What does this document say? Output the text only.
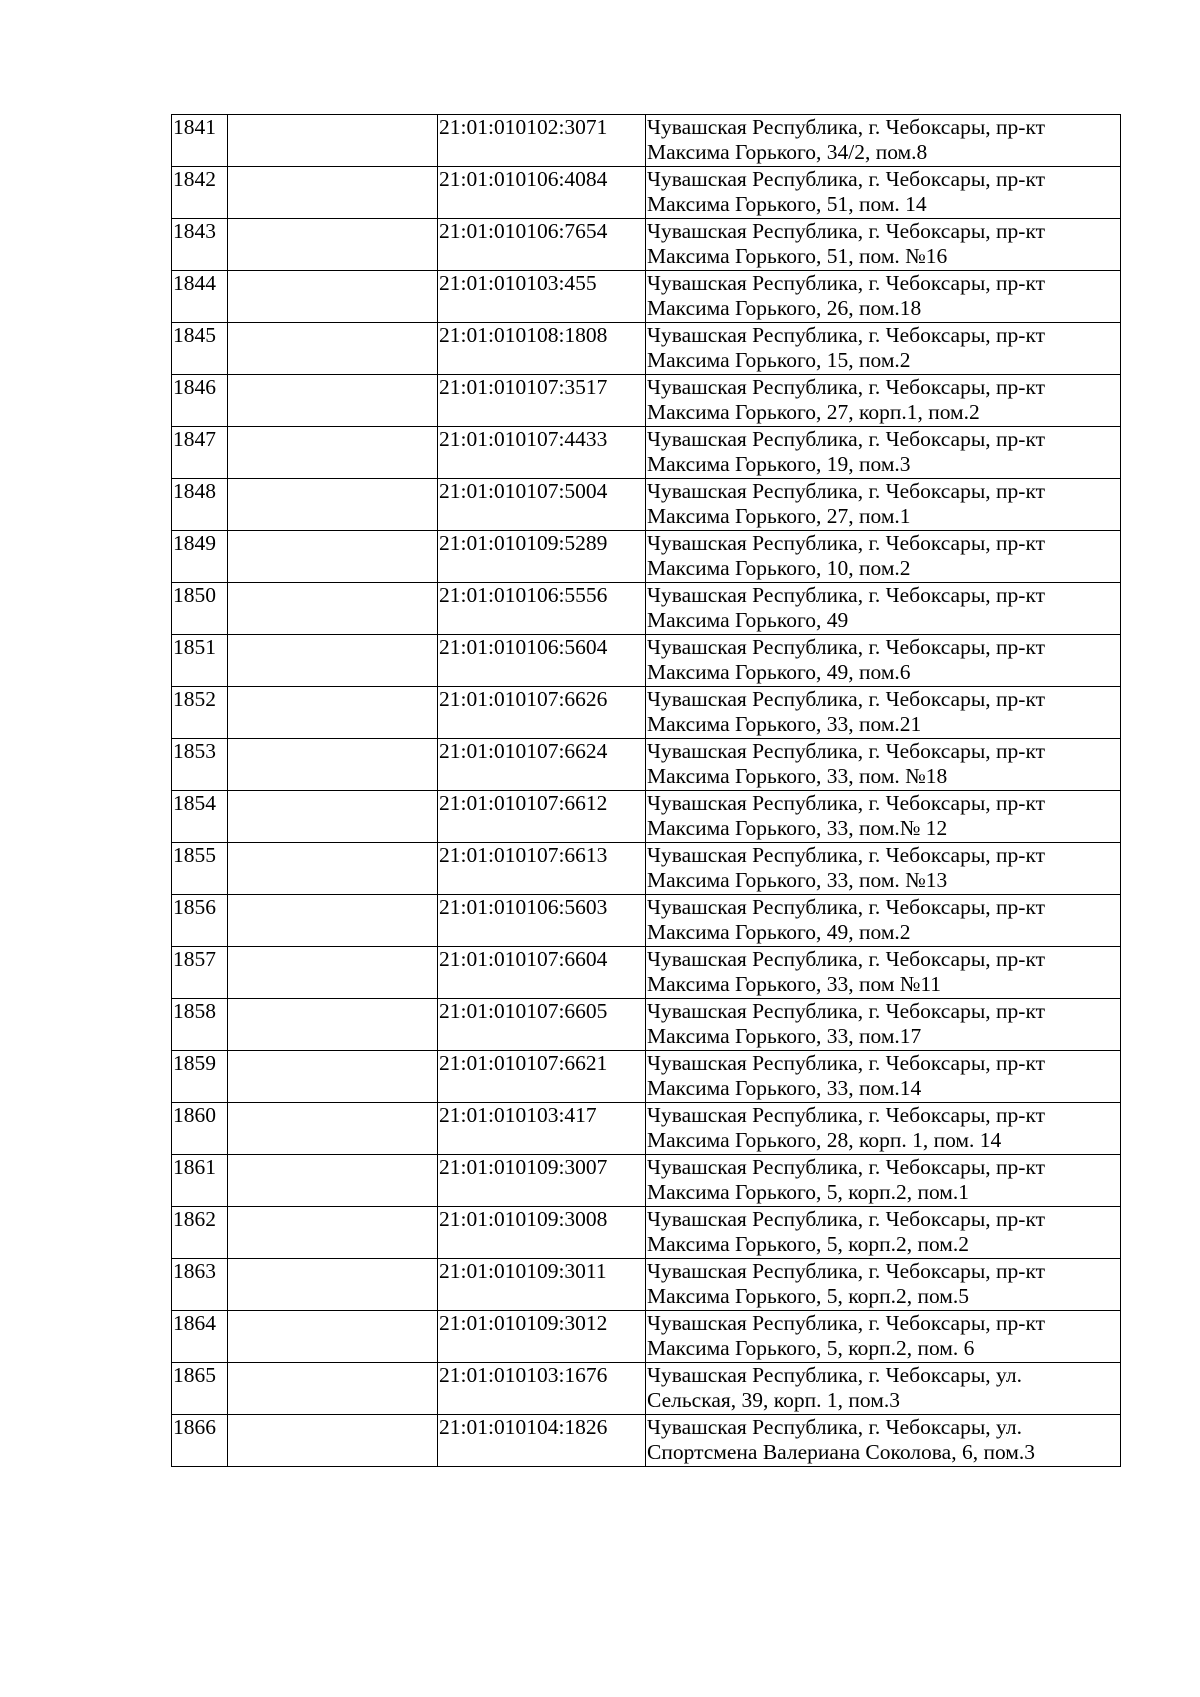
1841		21:01:010102:3071	Чувашская Республика, г. Чебоксары, пр-кт
Максима Горького, 34/2, пом.8

1842		21:01:010106:4084	Чувашская Республика, г. Чебоксары, пр-кт
Максима Горького, 51, пом. 14

1843		21:01:010106:7654	Чувашская Республика, г. Чебоксары, пр-кт
Максима Горького, 51, пом. №16

1844		21:01:010103:455	Чувашская Республика, г. Чебоксары, пр-кт
Максима Горького, 26, пом.18

1845		21:01:010108:1808	Чувашская Республика, г. Чебоксары, пр-кт
Максима Горького, 15, пом.2

1846		21:01:010107:3517	Чувашская Республика, г. Чебоксары, пр-кт
Максима Горького, 27, корп.1, пом.2

1847		21:01:010107:4433	Чувашская Республика, г. Чебоксары, пр-кт
Максима Горького, 19, пом.3

1848		21:01:010107:5004	Чувашская Республика, г. Чебоксары, пр-кт
Максима Горького, 27, пом.1

1849		21:01:010109:5289	Чувашская Республика, г. Чебоксары, пр-кт
Максима Горького, 10, пом.2

1850		21:01:010106:5556	Чувашская Республика, г. Чебоксары, пр-кт
Максима Горького, 49

1851		21:01:010106:5604	Чувашская Республика, г. Чебоксары, пр-кт
Максима Горького, 49, пом.6

1852		21:01:010107:6626	Чувашская Республика, г. Чебоксары, пр-кт
Максима Горького, 33, пом.21

1853		21:01:010107:6624	Чувашская Республика, г. Чебоксары, пр-кт
Максима Горького, 33, пом. №18

1854		21:01:010107:6612	Чувашская Республика, г. Чебоксары, пр-кт
Максима Горького, 33, пом.№ 12

1855		21:01:010107:6613	Чувашская Республика, г. Чебоксары, пр-кт
Максима Горького, 33, пом. №13

1856		21:01:010106:5603	Чувашская Республика, г. Чебоксары, пр-кт
Максима Горького, 49, пом.2

1857		21:01:010107:6604	Чувашская Республика, г. Чебоксары, пр-кт
Максима Горького, 33, пом №11

1858		21:01:010107:6605	Чувашская Республика, г. Чебоксары, пр-кт
Максима Горького, 33, пом.17

1859		21:01:010107:6621	Чувашская Республика, г. Чебоксары, пр-кт
Максима Горького, 33, пом.14

1860		21:01:010103:417	Чувашская Республика, г. Чебоксары, пр-кт
Максима Горького, 28, корп. 1, пом. 14

1861		21:01:010109:3007	Чувашская Республика, г. Чебоксары, пр-кт
Максима Горького, 5, корп.2, пом.1

1862		21:01:010109:3008	Чувашская Республика, г. Чебоксары, пр-кт
Максима Горького, 5, корп.2, пом.2

1863		21:01:010109:3011	Чувашская Республика, г. Чебоксары, пр-кт
Максима Горького, 5, корп.2, пом.5

1864		21:01:010109:3012	Чувашская Республика, г. Чебоксары, пр-кт
Максима Горького, 5, корп.2, пом. 6

1865		21:01:010103:1676	Чувашская Республика, г. Чебоксары, ул.
Сельская, 39, корп. 1, пом.3

1866		21:01:010104:1826	Чувашская Республика, г. Чебоксары, ул.
Спортсмена Валериана Соколова, 6, пом.3
